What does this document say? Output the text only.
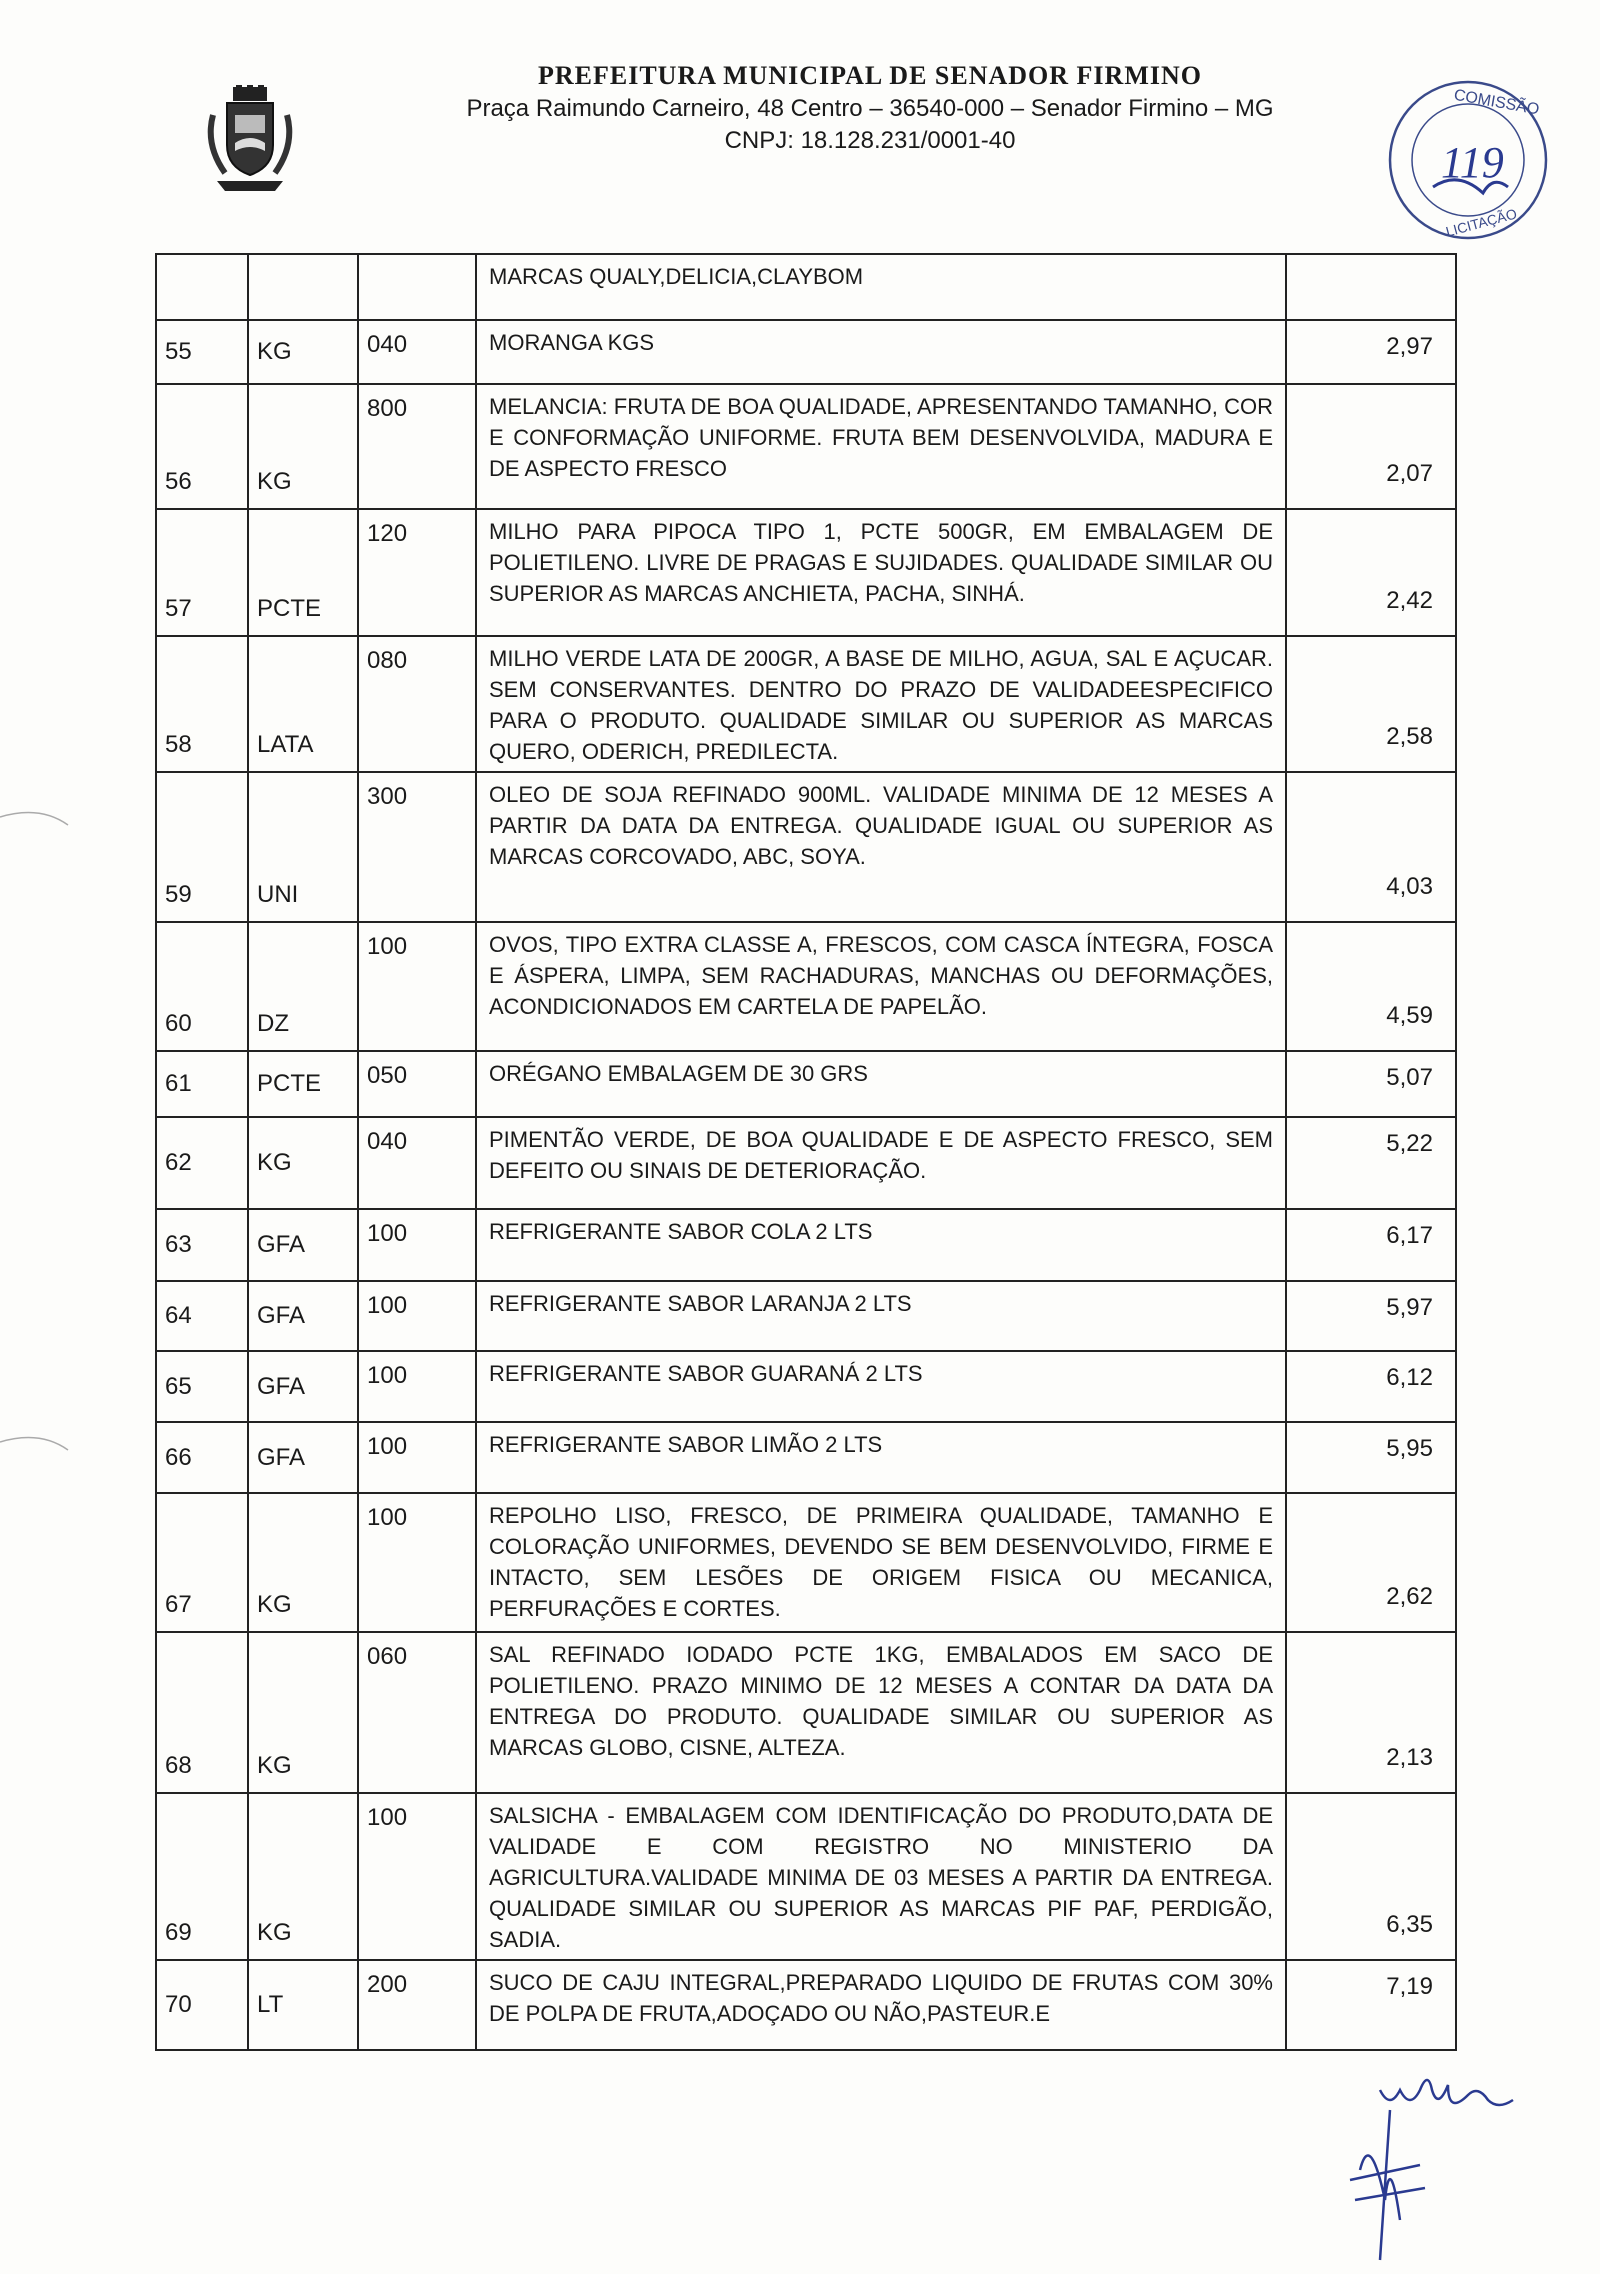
PREFEITURA MUNICIPAL DE SENADOR FIRMINO
Praça Raimundo Carneiro, 48 Centro – 36540-000 – Senador Firmino – MG
CNPJ: 18.128.231/0001-40
COMISSÃO
119
LICITAÇÃO

			MARCAS QUALY,DELICIA,CLAYBOM	

55	KG	040	MORANGA KGS	2,97

56	KG	800	MELANCIA: FRUTA DE BOA QUALIDADE, APRESENTANDO TAMANHO, COR E CONFORMAÇÃO UNIFORME. FRUTA BEM DESENVOLVIDA, MADURA E DE ASPECTO FRESCO	2,07

57	PCTE	120	MILHO PARA PIPOCA TIPO 1, PCTE 500GR, EM EMBALAGEM DE POLIETILENO. LIVRE DE PRAGAS E SUJIDADES. QUALIDADE SIMILAR OU SUPERIOR AS MARCAS ANCHIETA, PACHA, SINHÁ.	2,42

58	LATA	080	MILHO VERDE LATA DE 200GR, A BASE DE MILHO, AGUA, SAL E AÇUCAR. SEM CONSERVANTES. DENTRO DO PRAZO DE VALIDADEESPECIFICO PARA O PRODUTO. QUALIDADE SIMILAR OU SUPERIOR AS MARCAS QUERO, ODERICH, PREDILECTA.	2,58

59	UNI	300	OLEO DE SOJA REFINADO 900ML. VALIDADE MINIMA DE 12 MESES A PARTIR DA DATA DA ENTREGA. QUALIDADE IGUAL OU SUPERIOR AS MARCAS CORCOVADO, ABC, SOYA.	4,03

60	DZ	100	OVOS, TIPO EXTRA CLASSE A, FRESCOS, COM CASCA ÍNTEGRA, FOSCA E ÁSPERA, LIMPA, SEM RACHADURAS, MANCHAS OU DEFORMAÇÕES, ACONDICIONADOS EM CARTELA DE PAPELÃO.	4,59

61	PCTE	050	ORÉGANO EMBALAGEM DE 30 GRS	5,07

62	KG	040	PIMENTÃO VERDE, DE BOA QUALIDADE E DE ASPECTO FRESCO, SEM DEFEITO OU SINAIS DE DETERIORAÇÃO.	5,22

63	GFA	100	REFRIGERANTE SABOR COLA 2 LTS	6,17

64	GFA	100	REFRIGERANTE SABOR LARANJA 2 LTS	5,97

65	GFA	100	REFRIGERANTE SABOR GUARANÁ 2 LTS	6,12

66	GFA	100	REFRIGERANTE SABOR LIMÃO 2 LTS	5,95

67	KG	100	REPOLHO LISO, FRESCO, DE PRIMEIRA QUALIDADE, TAMANHO E COLORAÇÃO UNIFORMES, DEVENDO SE BEM DESENVOLVIDO, FIRME E INTACTO, SEM LESÕES DE ORIGEM FISICA OU MECANICA, PERFURAÇÕES E CORTES.	2,62

68	KG	060	SAL REFINADO IODADO PCTE 1KG, EMBALADOS EM SACO DE POLIETILENO. PRAZO MINIMO DE 12 MESES A CONTAR DA DATA DA ENTREGA DO PRODUTO. QUALIDADE SIMILAR OU SUPERIOR AS MARCAS GLOBO, CISNE, ALTEZA.	2,13

69	KG	100	SALSICHA - EMBALAGEM COM IDENTIFICAÇÃO DO PRODUTO,DATA DE VALIDADE E COM REGISTRO NO MINISTERIO DA AGRICULTURA.VALIDADE MINIMA DE 03 MESES A PARTIR DA ENTREGA. QUALIDADE SIMILAR OU SUPERIOR AS MARCAS PIF PAF, PERDIGÃO, SADIA.	6,35

70	LT	200	SUCO DE CAJU INTEGRAL,PREPARADO LIQUIDO DE FRUTAS COM 30% DE POLPA DE FRUTA,ADOÇADO OU NÃO,PASTEUR.E	7,19
